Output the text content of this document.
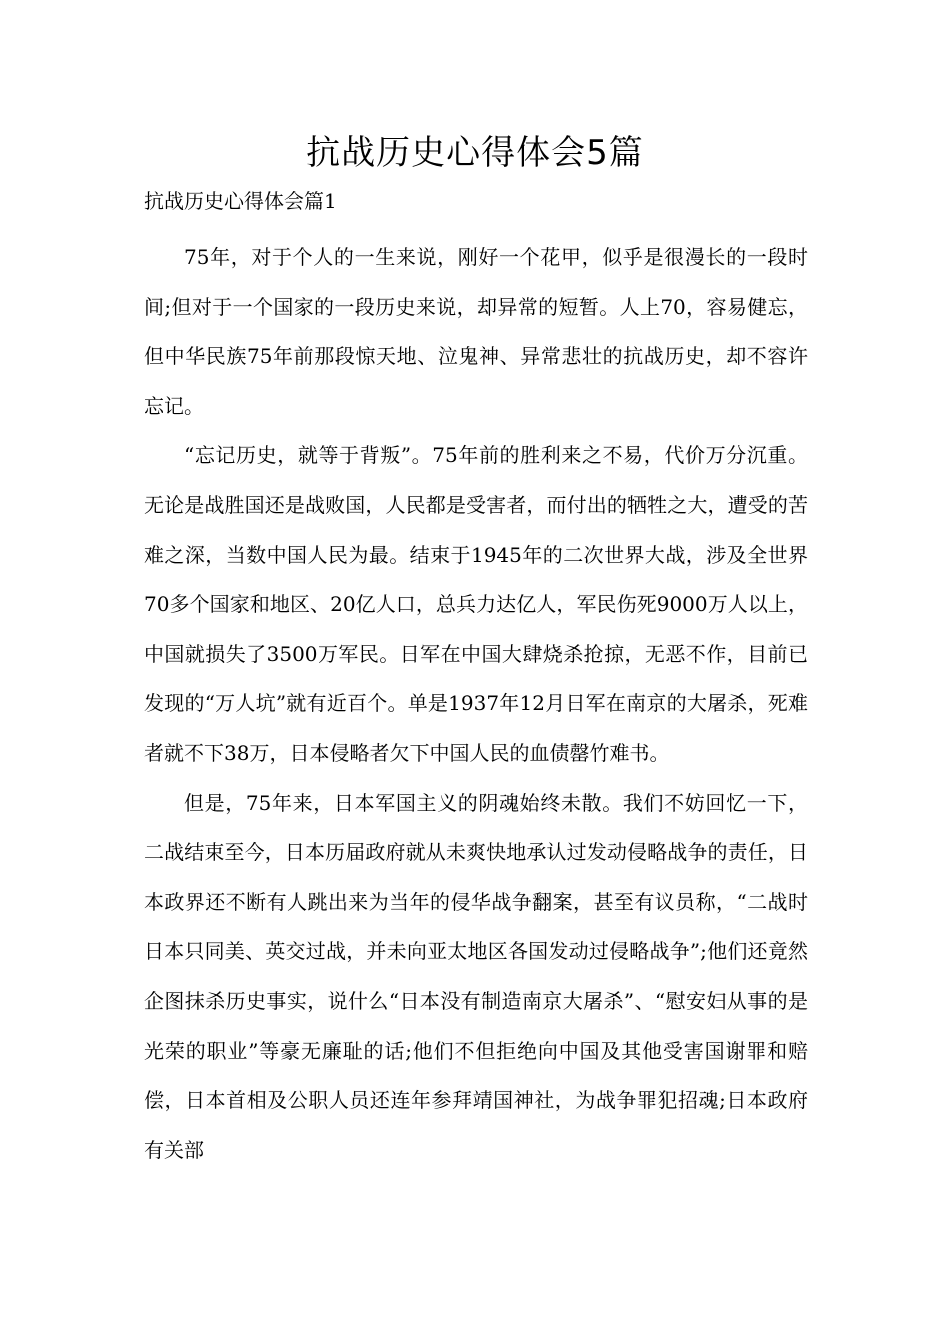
抗战历史心得体会5篇
抗战历史心得体会篇1

75年，对于个人的一生来说，刚好一个花甲，似乎是很漫长的一段时间;但对于一个国家的一段历史来说，却异常的短暂。人上70，容易健忘，但中华民族75年前那段惊天地、泣鬼神、异常悲壮的抗战历史，却不容许忘记。

“忘记历史，就等于背叛”。75年前的胜利来之不易，代价万分沉重。无论是战胜国还是战败国，人民都是受害者，而付出的牺牲之大，遭受的苦难之深，当数中国人民为最。结束于1945年的二次世界大战，涉及全世界70多个国家和地区、20亿人口，总兵力达亿人，军民伤死9000万人以上，中国就损失了3500万军民。日军在中国大肆烧杀抢掠，无恶不作，目前已发现的“万人坑”就有近百个。单是1937年12月日军在南京的大屠杀，死难者就不下38万，日本侵略者欠下中国人民的血债罄竹难书。

但是，75年来，日本军国主义的阴魂始终未散。我们不妨回忆一下，二战结束至今，日本历届政府就从未爽快地承认过发动侵略战争的责任，日本政界还不断有人跳出来为当年的侵华战争翻案，甚至有议员称，“二战时日本只同美、英交过战，并未向亚太地区各国发动过侵略战争”;他们还竟然企图抹杀历史事实，说什么“日本没有制造南京大屠杀”、“慰安妇从事的是光荣的职业”等豪无廉耻的话;他们不但拒绝向中国及其他受害国谢罪和赔偿，日本首相及公职人员还连年参拜靖国神社，为战争罪犯招魂;日本政府有关部
